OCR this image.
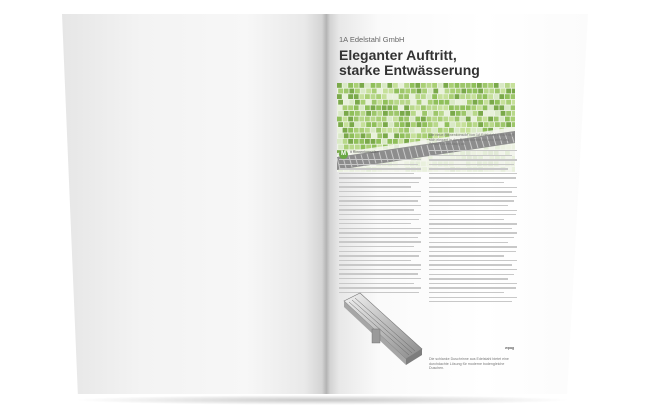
1A Edelstahl GmbH
Eleganter Auftritt,
starke Entwässerung
Die neue Rinnenkonsole von 1A Edelstahl GmbH fügt sich elegant in das Badambiente ein und leitet das Wasser zuverlässig ab.
M it Rinnenkonsolen
wpag
Die schlanke Duschrinne aus Edelstahl bietet eine durchdachte Lösung für moderne bodengleiche Duschen.
